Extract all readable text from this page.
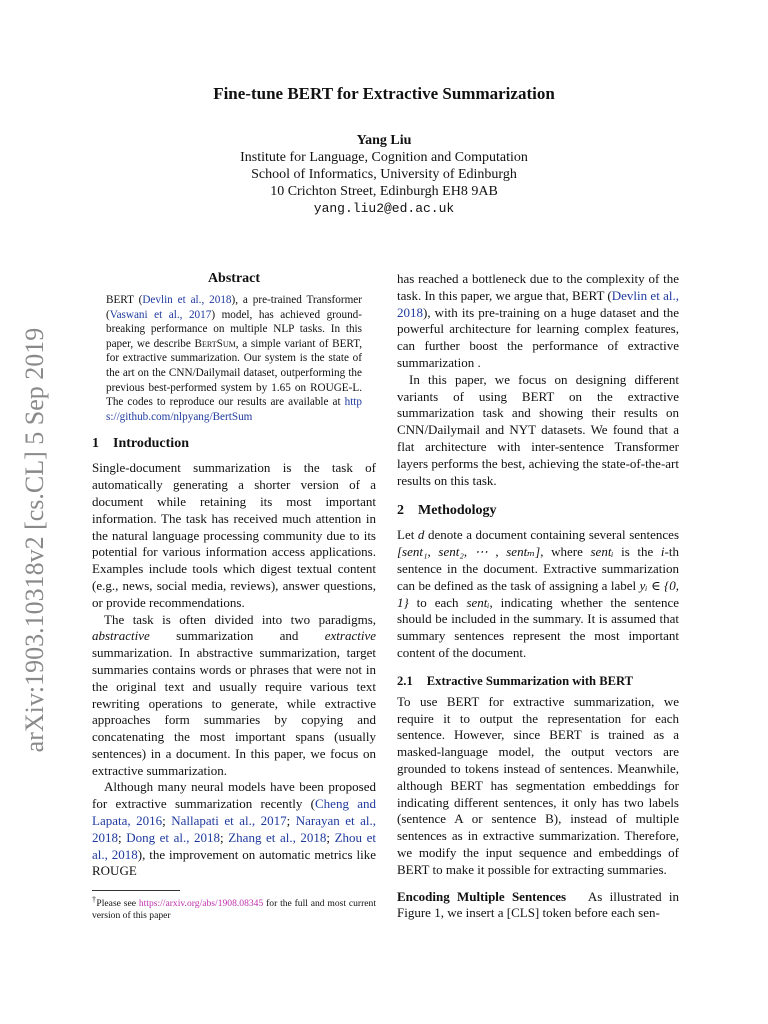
arXiv:1903.10318v2 [cs.CL] 5 Sep 2019
Fine-tune BERT for Extractive Summarization
Yang Liu
Institute for Language, Cognition and Computation
School of Informatics, University of Edinburgh
10 Crichton Street, Edinburgh EH8 9AB
yang.liu2@ed.ac.uk
Abstract
BERT (Devlin et al., 2018), a pre-trained Transformer (Vaswani et al., 2017) model, has achieved ground-breaking performance on multiple NLP tasks. In this paper, we describe BertSum, a simple variant of BERT, for extractive summarization. Our system is the state of the art on the CNN/Dailymail dataset, outperforming the previous best-performed system by 1.65 on ROUGE-L. The codes to reproduce our results are available at https://github.com/nlpyang/BertSum
1 Introduction

Single-document summarization is the task of automatically generating a shorter version of a document while retaining its most important information. The task has received much attention in the natural language processing community due to its potential for various information access applications. Examples include tools which digest textual content (e.g., news, social media, reviews), answer questions, or provide recommendations.

The task is often divided into two paradigms, abstractive summarization and extractive summarization. In abstractive summarization, target summaries contains words or phrases that were not in the original text and usually require various text rewriting operations to generate, while extractive approaches form summaries by copying and concatenating the most important spans (usually sentences) in a document. In this paper, we focus on extractive summarization.

Although many neural models have been proposed for extractive summarization recently (Cheng and Lapata, 2016; Nallapati et al., 2017; Narayan et al., 2018; Dong et al., 2018; Zhang et al., 2018; Zhou et al., 2018), the improvement on automatic metrics like ROUGE

†Please see https://arxiv.org/abs/1908.08345 for the full and most current version of this paper

has reached a bottleneck due to the complexity of the task. In this paper, we argue that, BERT (Devlin et al., 2018), with its pre-training on a huge dataset and the powerful architecture for learning complex features, can further boost the performance of extractive summarization .

In this paper, we focus on designing different variants of using BERT on the extractive summarization task and showing their results on CNN/Dailymail and NYT datasets. We found that a flat architecture with inter-sentence Transformer layers performs the best, achieving the state-of-the-art results on this task.

2 Methodology

Let d denote a document containing several sentences [sent₁, sent₂, ⋯ , sentₘ], where sentᵢ is the i-th sentence in the document. Extractive summarization can be defined as the task of assigning a label yᵢ ∈ {0, 1} to each sentᵢ, indicating whether the sentence should be included in the summary. It is assumed that summary sentences represent the most important content of the document.

2.1 Extractive Summarization with BERT

To use BERT for extractive summarization, we require it to output the representation for each sentence. However, since BERT is trained as a masked-language model, the output vectors are grounded to tokens instead of sentences. Meanwhile, although BERT has segmentation embeddings for indicating different sentences, it only has two labels (sentence A or sentence B), instead of multiple sentences as in extractive summarization. Therefore, we modify the input sequence and embeddings of BERT to make it possible for extracting summaries.

Encoding Multiple Sentences As illustrated in Figure 1, we insert a [CLS] token before each sen-
